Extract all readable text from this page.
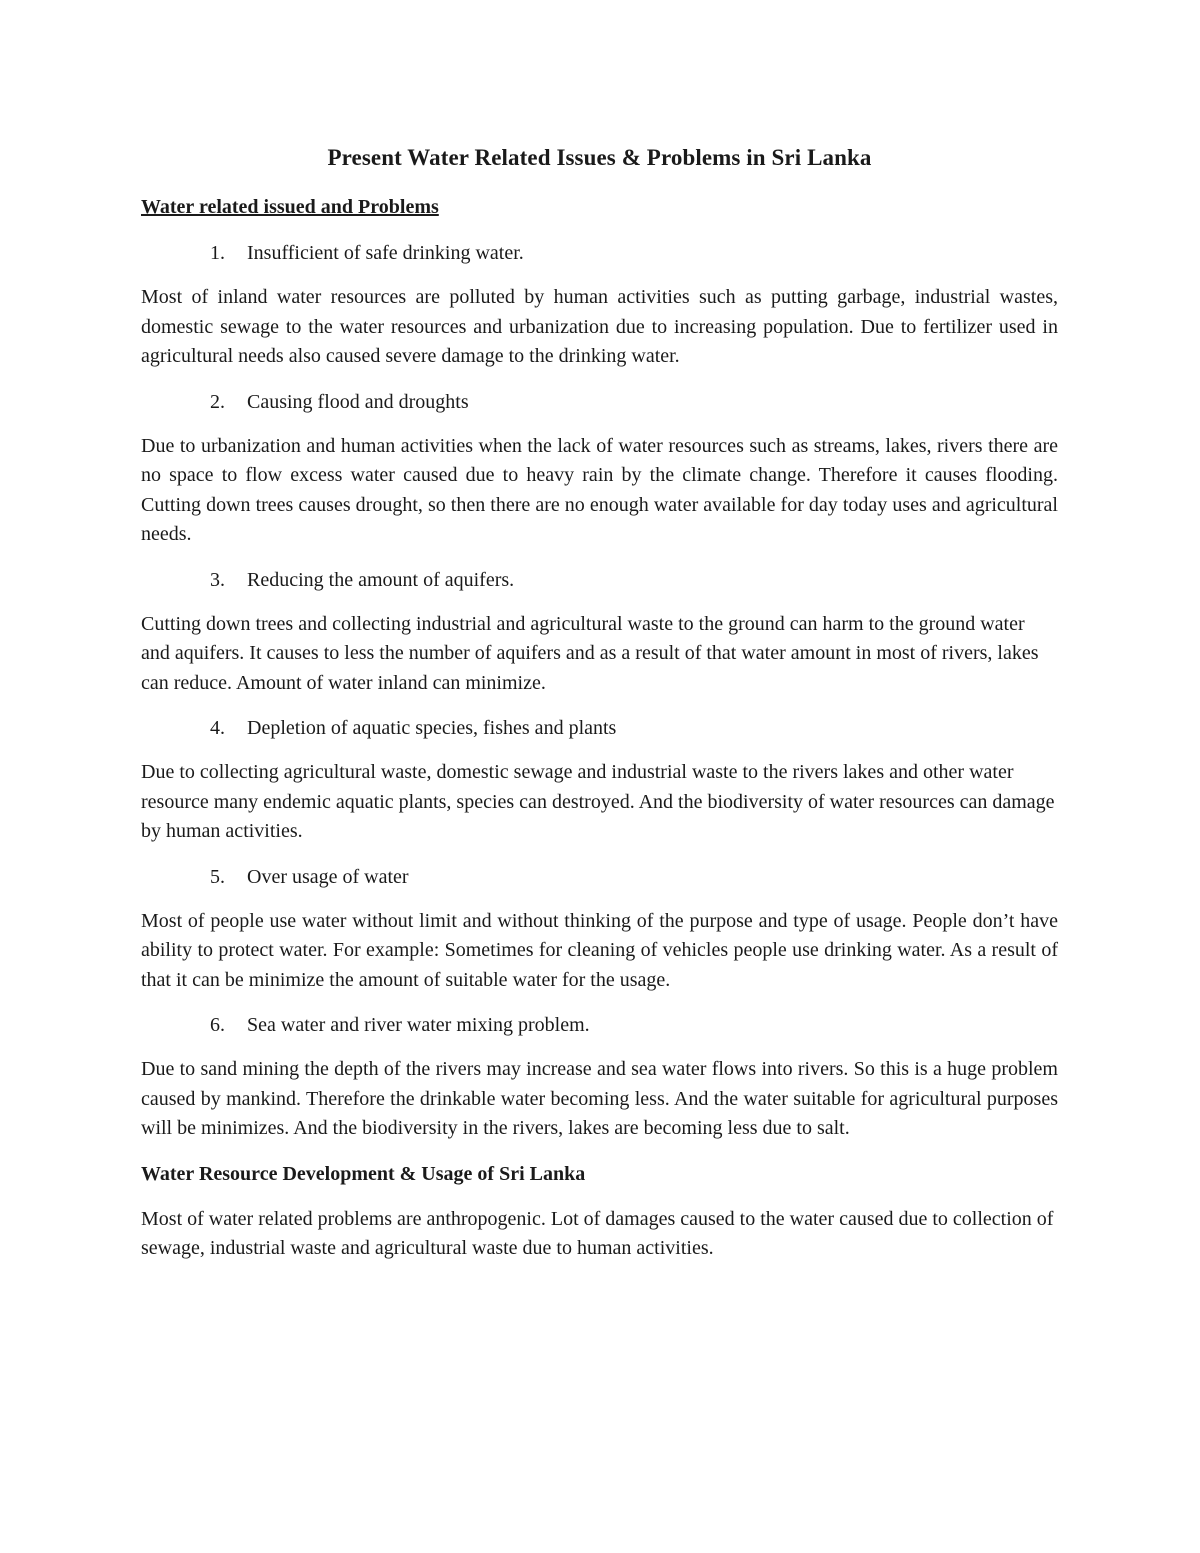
Present Water Related Issues & Problems in Sri Lanka
Water related issued and Problems
1.	Insufficient of safe drinking water.

Most of inland water resources are polluted by human activities such as putting garbage, industrial wastes, domestic sewage to the water resources and urbanization due to increasing population. Due to fertilizer used in agricultural needs also caused severe damage to the drinking water.

2.	Causing flood and droughts

Due to urbanization and human activities when the lack of water resources such as streams, lakes, rivers there are no space to flow excess water caused due to heavy rain by the climate change. Therefore it causes flooding. Cutting down trees causes drought, so then there are no enough water available for day today uses and agricultural needs.

3.	Reducing the amount of aquifers.

Cutting down trees and collecting industrial and agricultural waste to the ground can harm to the ground water and aquifers. It causes to less the number of aquifers and as a result of that water amount in most of rivers, lakes can reduce. Amount of water inland can minimize.

4.	Depletion of aquatic species, fishes and plants

Due to collecting agricultural waste, domestic sewage and industrial waste to the rivers lakes and other water resource many endemic aquatic plants, species can destroyed. And the biodiversity of water resources can damage by human activities.

5.	Over usage of water

Most of people use water without limit and without thinking of the purpose and type of usage. People don’t have ability to protect water. For example: Sometimes for cleaning of vehicles people use drinking water. As a result of that it can be minimize the amount of suitable water for the usage.

6.	Sea water and river water mixing problem.

Due to sand mining the depth of the rivers may increase and sea water flows into rivers. So this is a huge problem caused by mankind. Therefore the drinkable water becoming less. And the water suitable for agricultural purposes will be minimizes. And the biodiversity in the rivers, lakes are becoming less due to salt.

Water Resource Development & Usage of Sri Lanka

Most of water related problems are anthropogenic. Lot of damages caused to the water caused due to collection of sewage, industrial waste and agricultural waste due to human activities.
